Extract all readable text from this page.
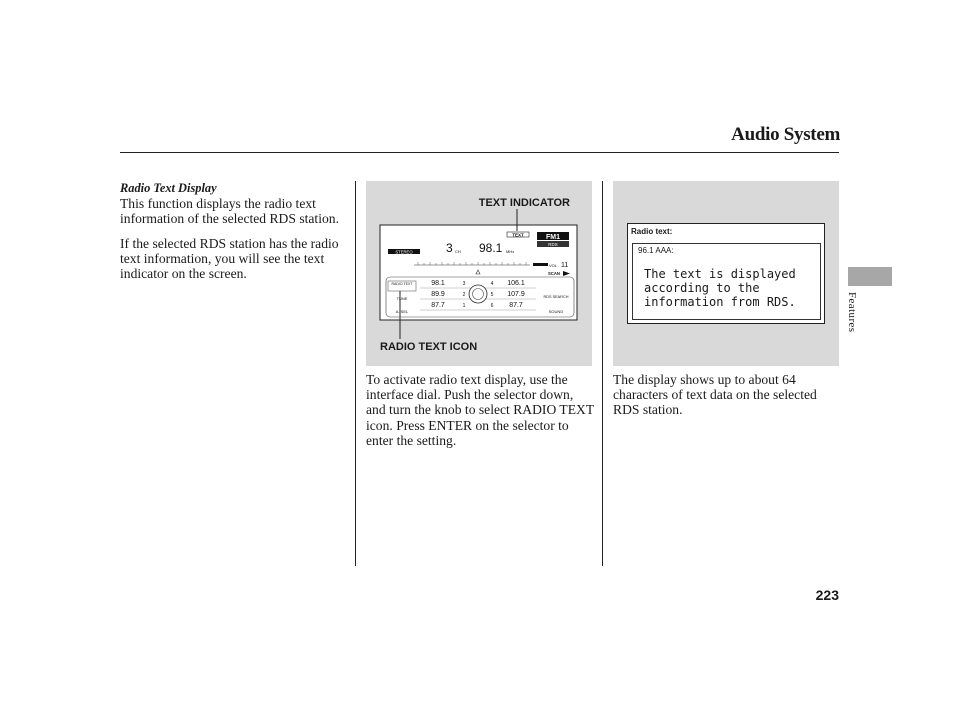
Audio System
Features
Radio Text Display

This function displays the radio text information of the selected RDS station.

If the selected RDS station has the radio text information, you will see the text indicator on the screen.

TEXT INDICATOR
RADIO TEXT ICON
TEXT	FM1
RDS
STEREO	3 CH 98.1 MHz
VOL 11
SCAN
RADIO TEXT
TUNE
A. SEL
RDS SEARCH
SOUND
98.1
89.9
87.7
3
2
1
4
5
6
106.1
107.9
87.7

To activate radio text display, use the interface dial. Push the selector down, and turn the knob to select RADIO TEXT icon. Press ENTER on the selector to enter the setting.

Radio text:
96.1 AAA:
The text is displayed
according to the
information from RDS.

The display shows up to about 64 characters of text data on the selected RDS station.

223
